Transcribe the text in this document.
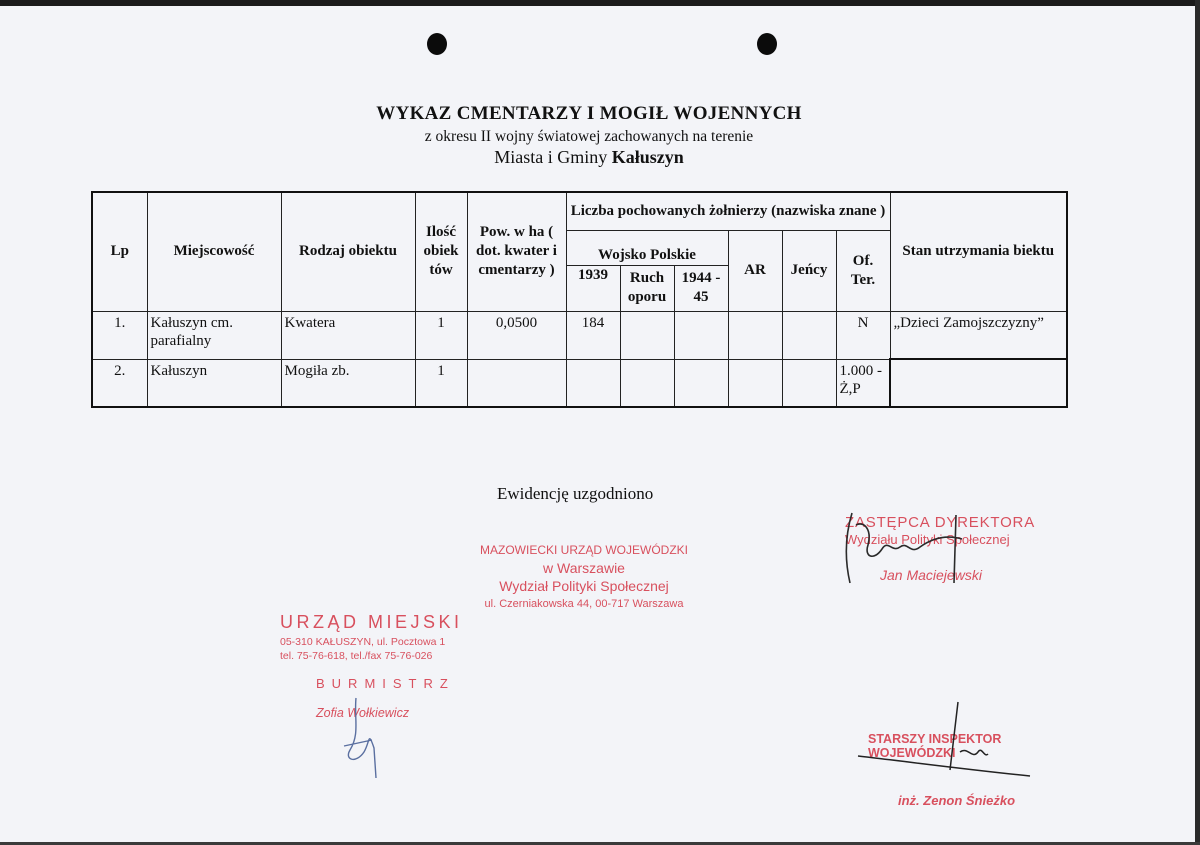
WYKAZ CMENTARZY I MOGIŁ WOJENNYCH
z okresu II wojny światowej zachowanych na terenie
Miasta i Gminy Kałuszyn
Lp	Miejscowość	Rodzaj obiektu	Ilość obiek tów	Pow. w ha ( dot. kwater i cmentarzy )	Liczba pochowanych żołnierzy (nazwiska znane )						Stan utrzymania biektu
					Wojsko Polskie			AR	Jeńcy	Of. Ter.	
					1939	Ruch oporu	1944 - 45				
1.	Kałuszyn cm. parafialny	Kwatera	1	0,0500	184					N	„Dzieci Zamojszczyzny”
2.	Kałuszyn	Mogiła zb.	1							1.000 - Ż,P	
Ewidencję uzgodniono
MAZOWIECKI URZĄD WOJEWÓDZKI
w Warszawie
Wydział Polityki Społecznej
ul. Czerniakowska 44, 00-717 Warszawa
URZĄD MIEJSKI
05-310 KAŁUSZYN, ul. Pocztowa 1
tel. 75-76-618, tel./fax 75-76-026
BURMISTRZ
Zofia Wołkiewicz
ZASTĘPCA DYREKTORA
Wydziału Polityki Społecznej
Jan Maciejewski
STARSZY INSPEKTOR WOJEWÓDZKI
inż. Zenon Śnieżko
